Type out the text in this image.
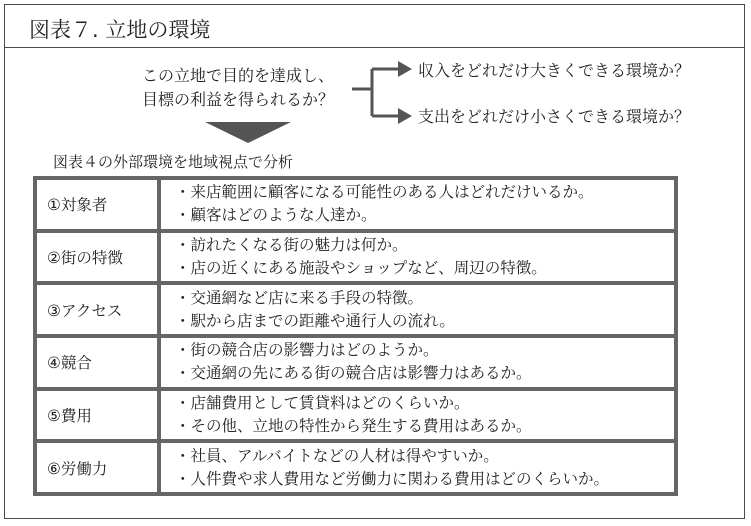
図表７. 立地の環境
この立地で目的を達成し、
目標の利益を得られるか？
収入をどれだけ大きくできる環境か？
支出をどれだけ小さくできる環境か？
図表４の外部環境を地域視点で分析
①対象者	・来店範囲に顧客になる可能性のある人はどれだけいるか。
・顧客はどのような人達か。

②街の特徴	・訪れたくなる街の魅力は何か。
・店の近くにある施設やショップなど、周辺の特徴。

③アクセス	・交通網など店に来る手段の特徴。
・駅から店までの距離や通行人の流れ。

④競合	・街の競合店の影響力はどのようか。
・交通網の先にある街の競合店は影響力はあるか。

⑤費用	・店舗費用として賃貸料はどのくらいか。
・その他、立地の特性から発生する費用はあるか。

⑥労働力	・社員、アルバイトなどの人材は得やすいか。
・人件費や求人費用など労働力に関わる費用はどのくらいか。
